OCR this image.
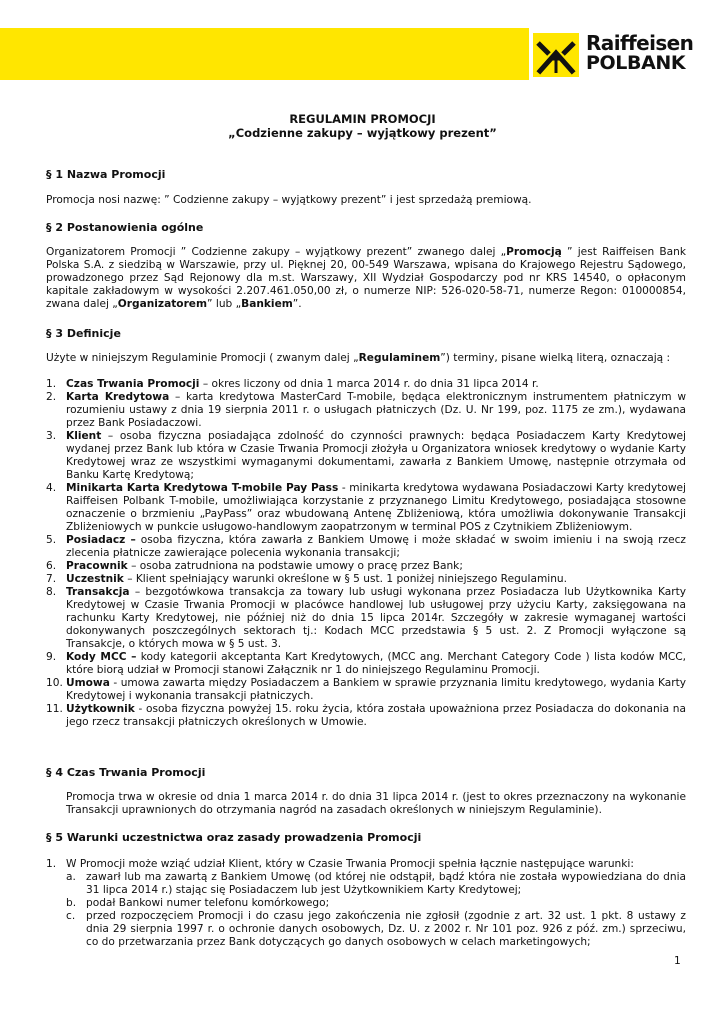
Raiffeisen
POLBANK
REGULAMIN PROMOCJI
„Codzienne zakupy – wyjątkowy prezent”
§ 1 Nazwa Promocji
Promocja nosi nazwę: ” Codzienne zakupy – wyjątkowy prezent” i jest sprzedażą premiową.
§ 2 Postanowienia ogólne
Organizatorem Promocji ” Codzienne zakupy – wyjątkowy prezent” zwanego dalej „Promocją ” jest Raiffeisen Bank Polska S.A. z siedzibą w Warszawie, przy ul. Pięknej 20, 00-549 Warszawa, wpisana do Krajowego Rejestru Sądowego, prowadzonego przez Sąd Rejonowy dla m.st. Warszawy, XII Wydział Gospodarczy pod nr KRS 14540, o opłaconym kapitale zakładowym w wysokości 2.207.461.050,00 zł, o numerze NIP: 526-020-58-71, numerze Regon: 010000854, zwana dalej „Organizatorem” lub „Bankiem”.
§ 3 Definicje
Użyte w niniejszym Regulaminie Promocji ( zwanym dalej „Regulaminem”) terminy, pisane wielką literą, oznaczają :
1. Czas Trwania Promocji – okres liczony od dnia 1 marca 2014 r. do dnia 31 lipca 2014 r.
2. Karta Kredytowa – karta kredytowa MasterCard T-mobile, będąca elektronicznym instrumentem płatniczym w rozumieniu ustawy z dnia 19 sierpnia 2011 r. o usługach płatniczych (Dz. U. Nr 199, poz. 1175 ze zm.), wydawana przez Bank Posiadaczowi.
3. Klient – osoba fizyczna posiadająca zdolność do czynności prawnych: będąca Posiadaczem Karty Kredytowej wydanej przez Bank lub która w Czasie Trwania Promocji złożyła u Organizatora wniosek kredytowy o wydanie Karty Kredytowej wraz ze wszystkimi wymaganymi dokumentami, zawarła z Bankiem Umowę, następnie otrzymała od Banku Kartę Kredytową;
4. Minikarta Karta Kredytowa T-mobile Pay Pass - minikarta kredytowa wydawana Posiadaczowi Karty kredytowej Raiffeisen Polbank T-mobile, umożliwiająca korzystanie z przyznanego Limitu Kredytowego, posiadająca stosowne oznaczenie o brzmieniu „PayPass” oraz wbudowaną Antenę Zbliżeniową, która umożliwia dokonywanie Transakcji Zbliżeniowych w punkcie usługowo-handlowym zaopatrzonym w terminal POS z Czytnikiem Zbliżeniowym.
5. Posiadacz – osoba fizyczna, która zawarła z Bankiem Umowę i może składać w swoim imieniu i na swoją rzecz zlecenia płatnicze zawierające polecenia wykonania transakcji;
6. Pracownik – osoba zatrudniona na podstawie umowy o pracę przez Bank;
7. Uczestnik – Klient spełniający warunki określone w § 5 ust. 1 poniżej niniejszego Regulaminu.
8. Transakcja – bezgotówkowa transakcja za towary lub usługi wykonana przez Posiadacza lub Użytkownika Karty Kredytowej w Czasie Trwania Promocji w placówce handlowej lub usługowej przy użyciu Karty, zaksięgowana na rachunku Karty Kredytowej, nie później niż do dnia 15 lipca 2014r. Szczegóły w zakresie wymaganej wartości dokonywanych poszczególnych sektorach tj.: Kodach MCC przedstawia § 5 ust. 2. Z Promocji wyłączone są Transakcje, o których mowa w § 5 ust. 3.
9. Kody MCC – kody kategorii akceptanta Kart Kredytowych, (MCC ang. Merchant Category Code ) lista kodów MCC, które biorą udział w Promocji stanowi Załącznik nr 1 do niniejszego Regulaminu Promocji.
10. Umowa - umowa zawarta między Posiadaczem a Bankiem w sprawie przyznania limitu kredytowego, wydania Karty Kredytowej i wykonania transakcji płatniczych.
11. Użytkownik - osoba fizyczna powyżej 15. roku życia, która została upoważniona przez Posiadacza do dokonania na jego rzecz transakcji płatniczych określonych w Umowie.
§ 4 Czas Trwania Promocji
Promocja trwa w okresie od dnia 1 marca 2014 r. do dnia 31 lipca 2014 r. (jest to okres przeznaczony na wykonanie Transakcji uprawnionych do otrzymania nagród na zasadach określonych w niniejszym Regulaminie).
§ 5 Warunki uczestnictwa oraz zasady prowadzenia Promocji
1. W Promocji może wziąć udział Klient, który w Czasie Trwania Promocji spełnia łącznie następujące warunki:
a. zawarł lub ma zawartą z Bankiem Umowę (od której nie odstąpił, bądź która nie została wypowiedziana do dnia 31 lipca 2014 r.) stając się Posiadaczem lub jest Użytkownikiem Karty Kredytowej;
b. podał Bankowi numer telefonu komórkowego;
c. przed rozpoczęciem Promocji i do czasu jego zakończenia nie zgłosił (zgodnie z art. 32 ust. 1 pkt. 8 ustawy z dnia 29 sierpnia 1997 r. o ochronie danych osobowych, Dz. U. z 2002 r. Nr 101 poz. 926 z póź. zm.) sprzeciwu, co do przetwarzania przez Bank dotyczących go danych osobowych w celach marketingowych;
1
